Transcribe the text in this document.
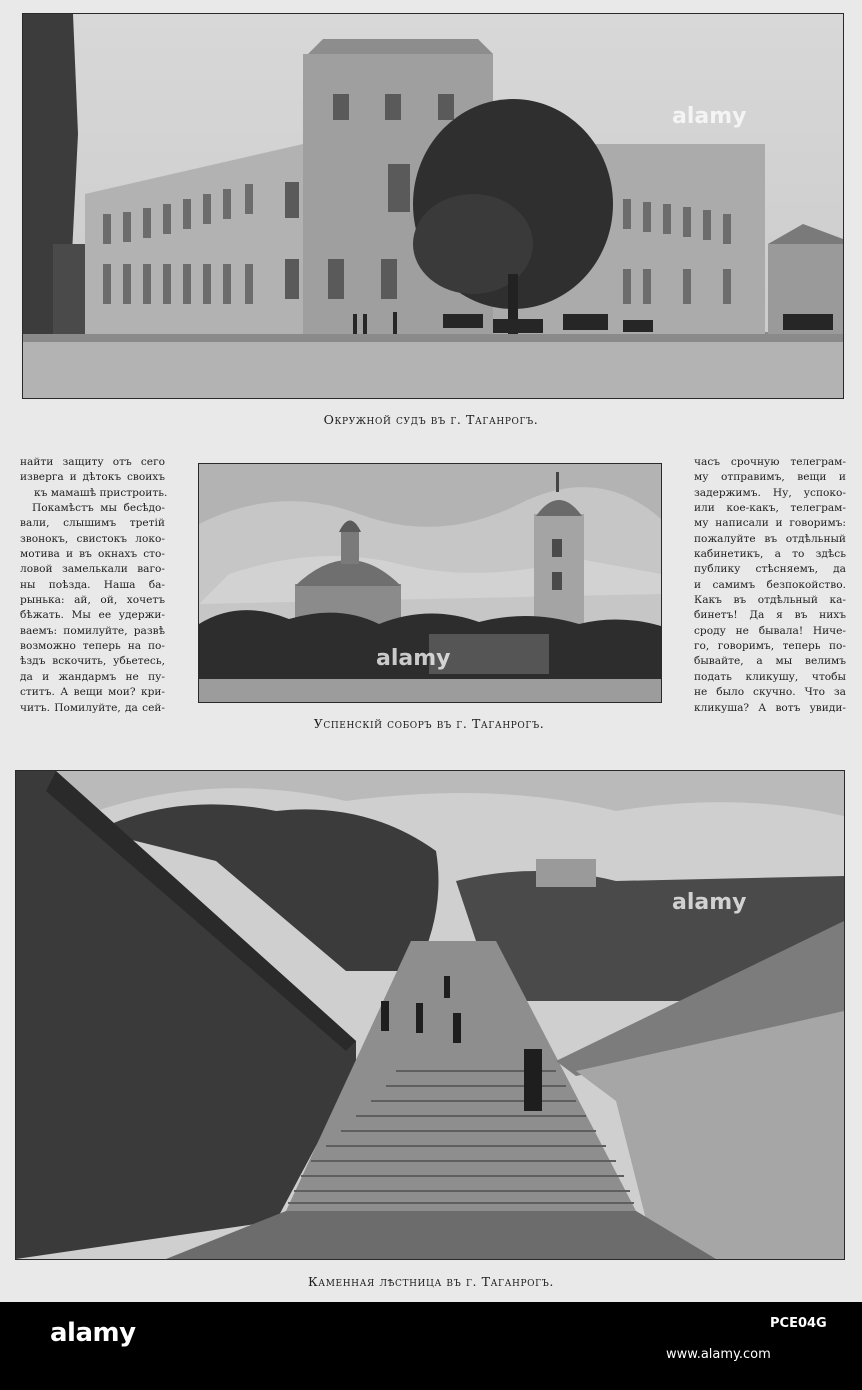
Окружной судъ въ г. Таганрогъ.
найти защиту отъ сего
изверга и дѣтокъ своихъ
къ мамашѣ пристроить.
Покамѣстъ мы бесѣдо-
вали, слышимъ третій
звонокъ, свистокъ локо-
мотива и въ окнахъ сто-
ловой замелькали ваго-
ны поѣзда. Наша ба-
рынька: ай, ой, хочетъ
бѣжать. Мы ее удержи-
ваемъ: помилуйте, развѣ
возможно теперь на по-
ѣздъ вскочить, убьетесь,
да и жандармъ не пу-
ститъ. А вещи мои? кри-
читъ. Помилуйте, да сей-
Успенскій соборъ въ г. Таганрогъ.
часъ срочную телеграм-
му отправимъ, вещи и
задержимъ. Ну, успоко-
или кое-какъ, телеграм-
му написали и говоримъ:
пожалуйте въ отдѣльный
кабинетикъ, а то здѣсь
публику стѣсняемъ, да
и самимъ безпокойство.
Какъ въ отдѣльный ка-
бинетъ! Да я въ нихъ
сроду не бывала! Ниче-
го, говоримъ, теперь по-
бывайте, а мы велимъ
подать кликушу, чтобы
не было скучно. Что за
кликуша? А вотъ увиди-
Каменная лѣстница въ г. Таганрогъ.
alamy
alamy
alamy
alamy	PCE04G
www.alamy.com
